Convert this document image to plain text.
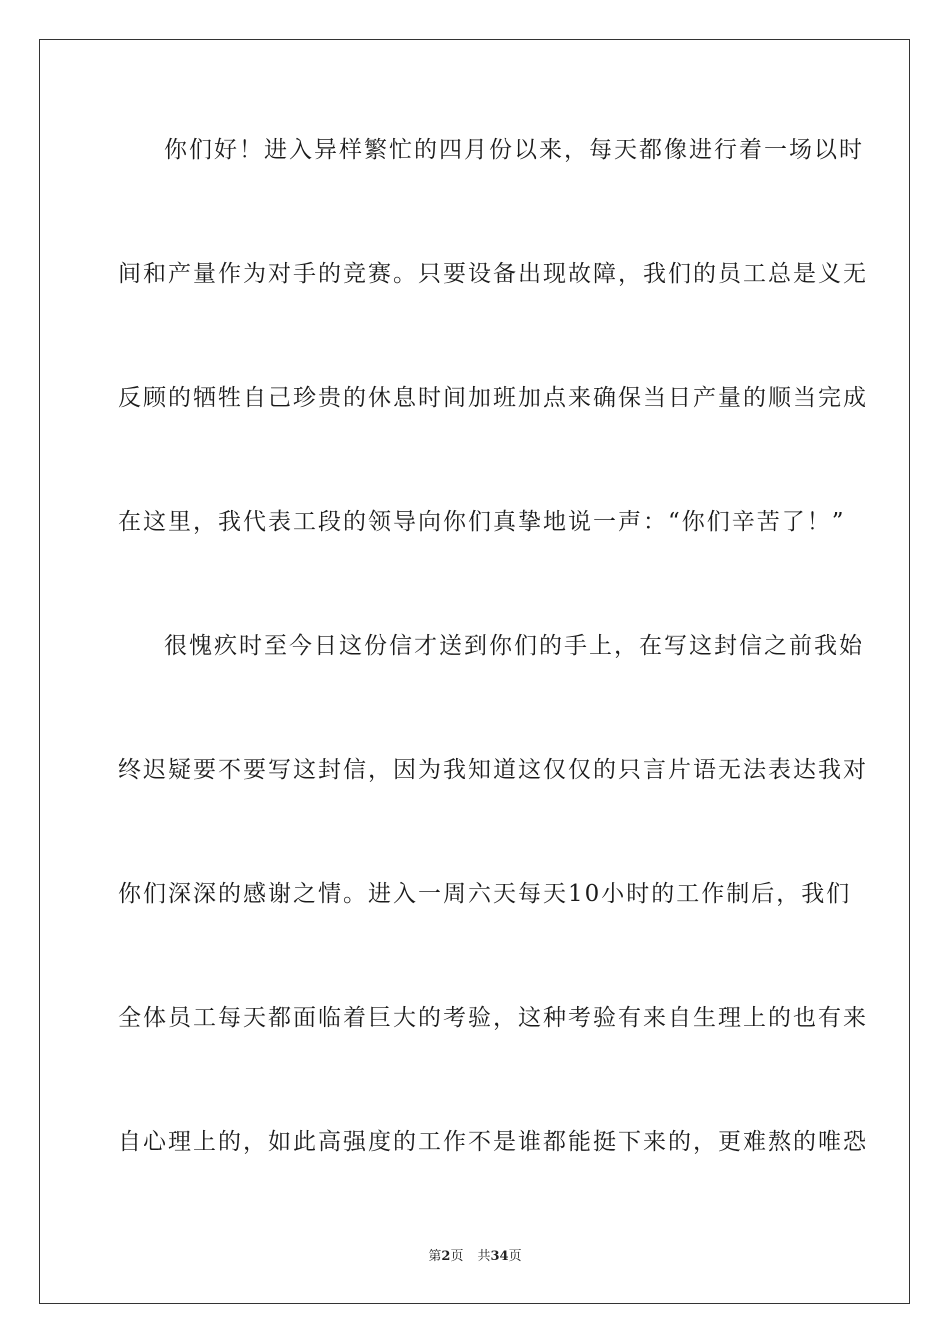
你们好！进入异样繁忙的四月份以来，每天都像进行着一场以时
间和产量作为对手的竞赛。只要设备出现故障，我们的员工总是义无
反顾的牺牲自己珍贵的休息时间加班加点来确保当日产量的顺当完成
在这里，我代表工段的领导向你们真挚地说一声：“你们辛苦了！”
很愧疚时至今日这份信才送到你们的手上，在写这封信之前我始
终迟疑要不要写这封信，因为我知道这仅仅的只言片语无法表达我对
你们深深的感谢之情。进入一周六天每天10小时的工作制后，我们
全体员工每天都面临着巨大的考验，这种考验有来自生理上的也有来
自心理上的，如此高强度的工作不是谁都能挺下来的，更难熬的唯恐
第2页 共34页
